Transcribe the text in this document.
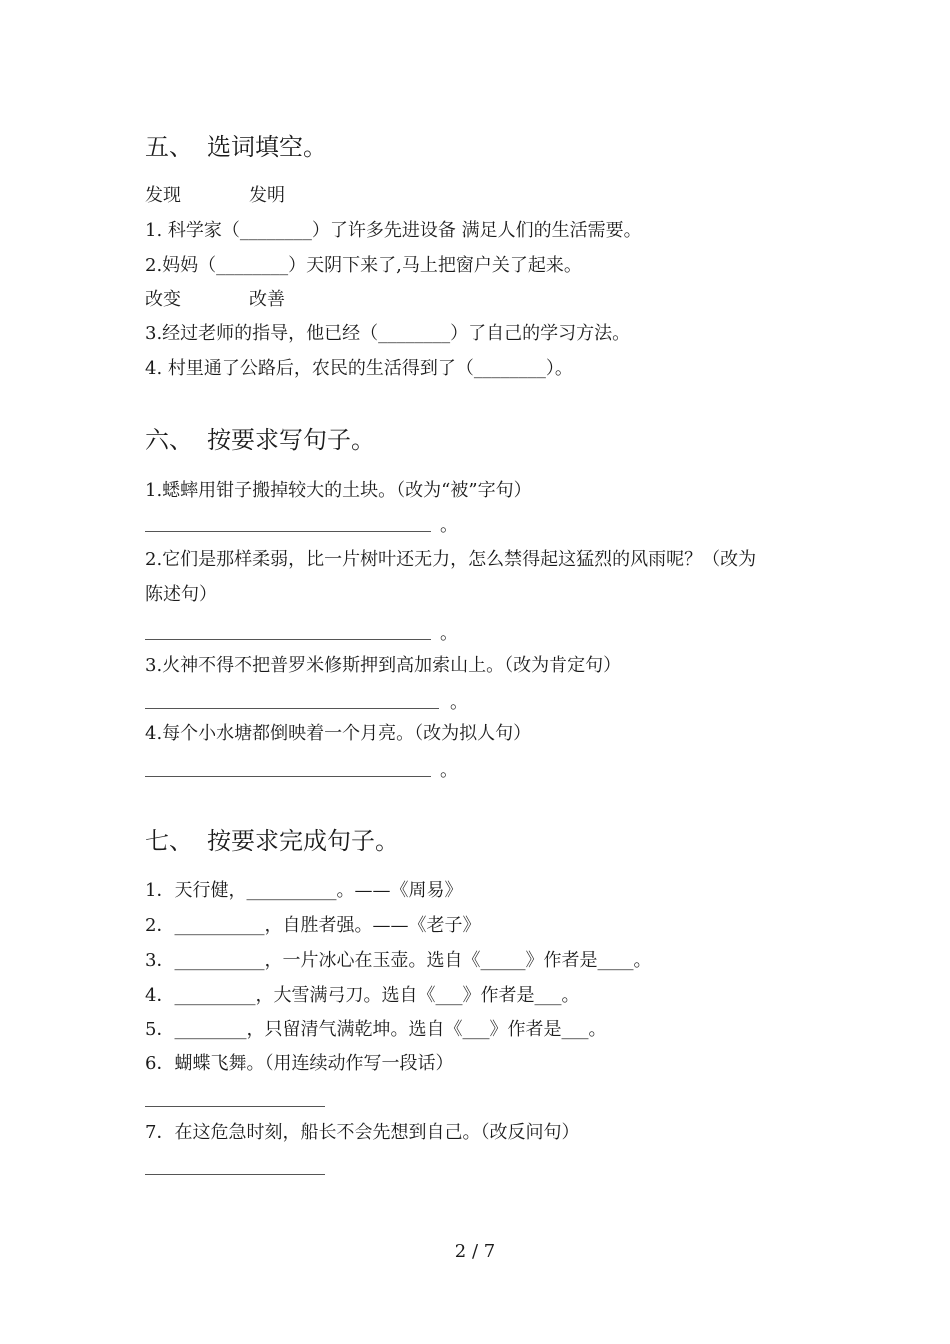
五、 选词填空。
发现	发明
1. 科学家（________）了许多先进设备 满足人们的生活需要。
2.妈妈（________）天阴下来了,马上把窗户关了起来。
改变	改善
3.经过老师的指导，他已经（________）了自己的学习方法。
4. 村里通了公路后，农民的生活得到了（________）。
六、 按要求写句子。
1.蟋蟀用钳子搬掉较大的土块。（改为“被”字句）
。
2.它们是那样柔弱，比一片树叶还无力，怎么禁得起这猛烈的风雨呢？（改为
陈述句）
。
3.火神不得不把普罗米修斯押到高加索山上。（改为肯定句）
。
4.每个小水塘都倒映着一个月亮。（改为拟人句）
。
七、 按要求完成句子。
1．天行健，__________。——《周易》
2．__________，自胜者强。——《老子》
3．__________，一片冰心在玉壶。选自《_____》作者是____。
4．_________，大雪满弓刀。选自《___》作者是___。
5．________，只留清气满乾坤。选自《___》作者是___。
6．蝴蝶飞舞。（用连续动作写一段话）
7．在这危急时刻，船长不会先想到自己。（改反问句）
2 / 7
